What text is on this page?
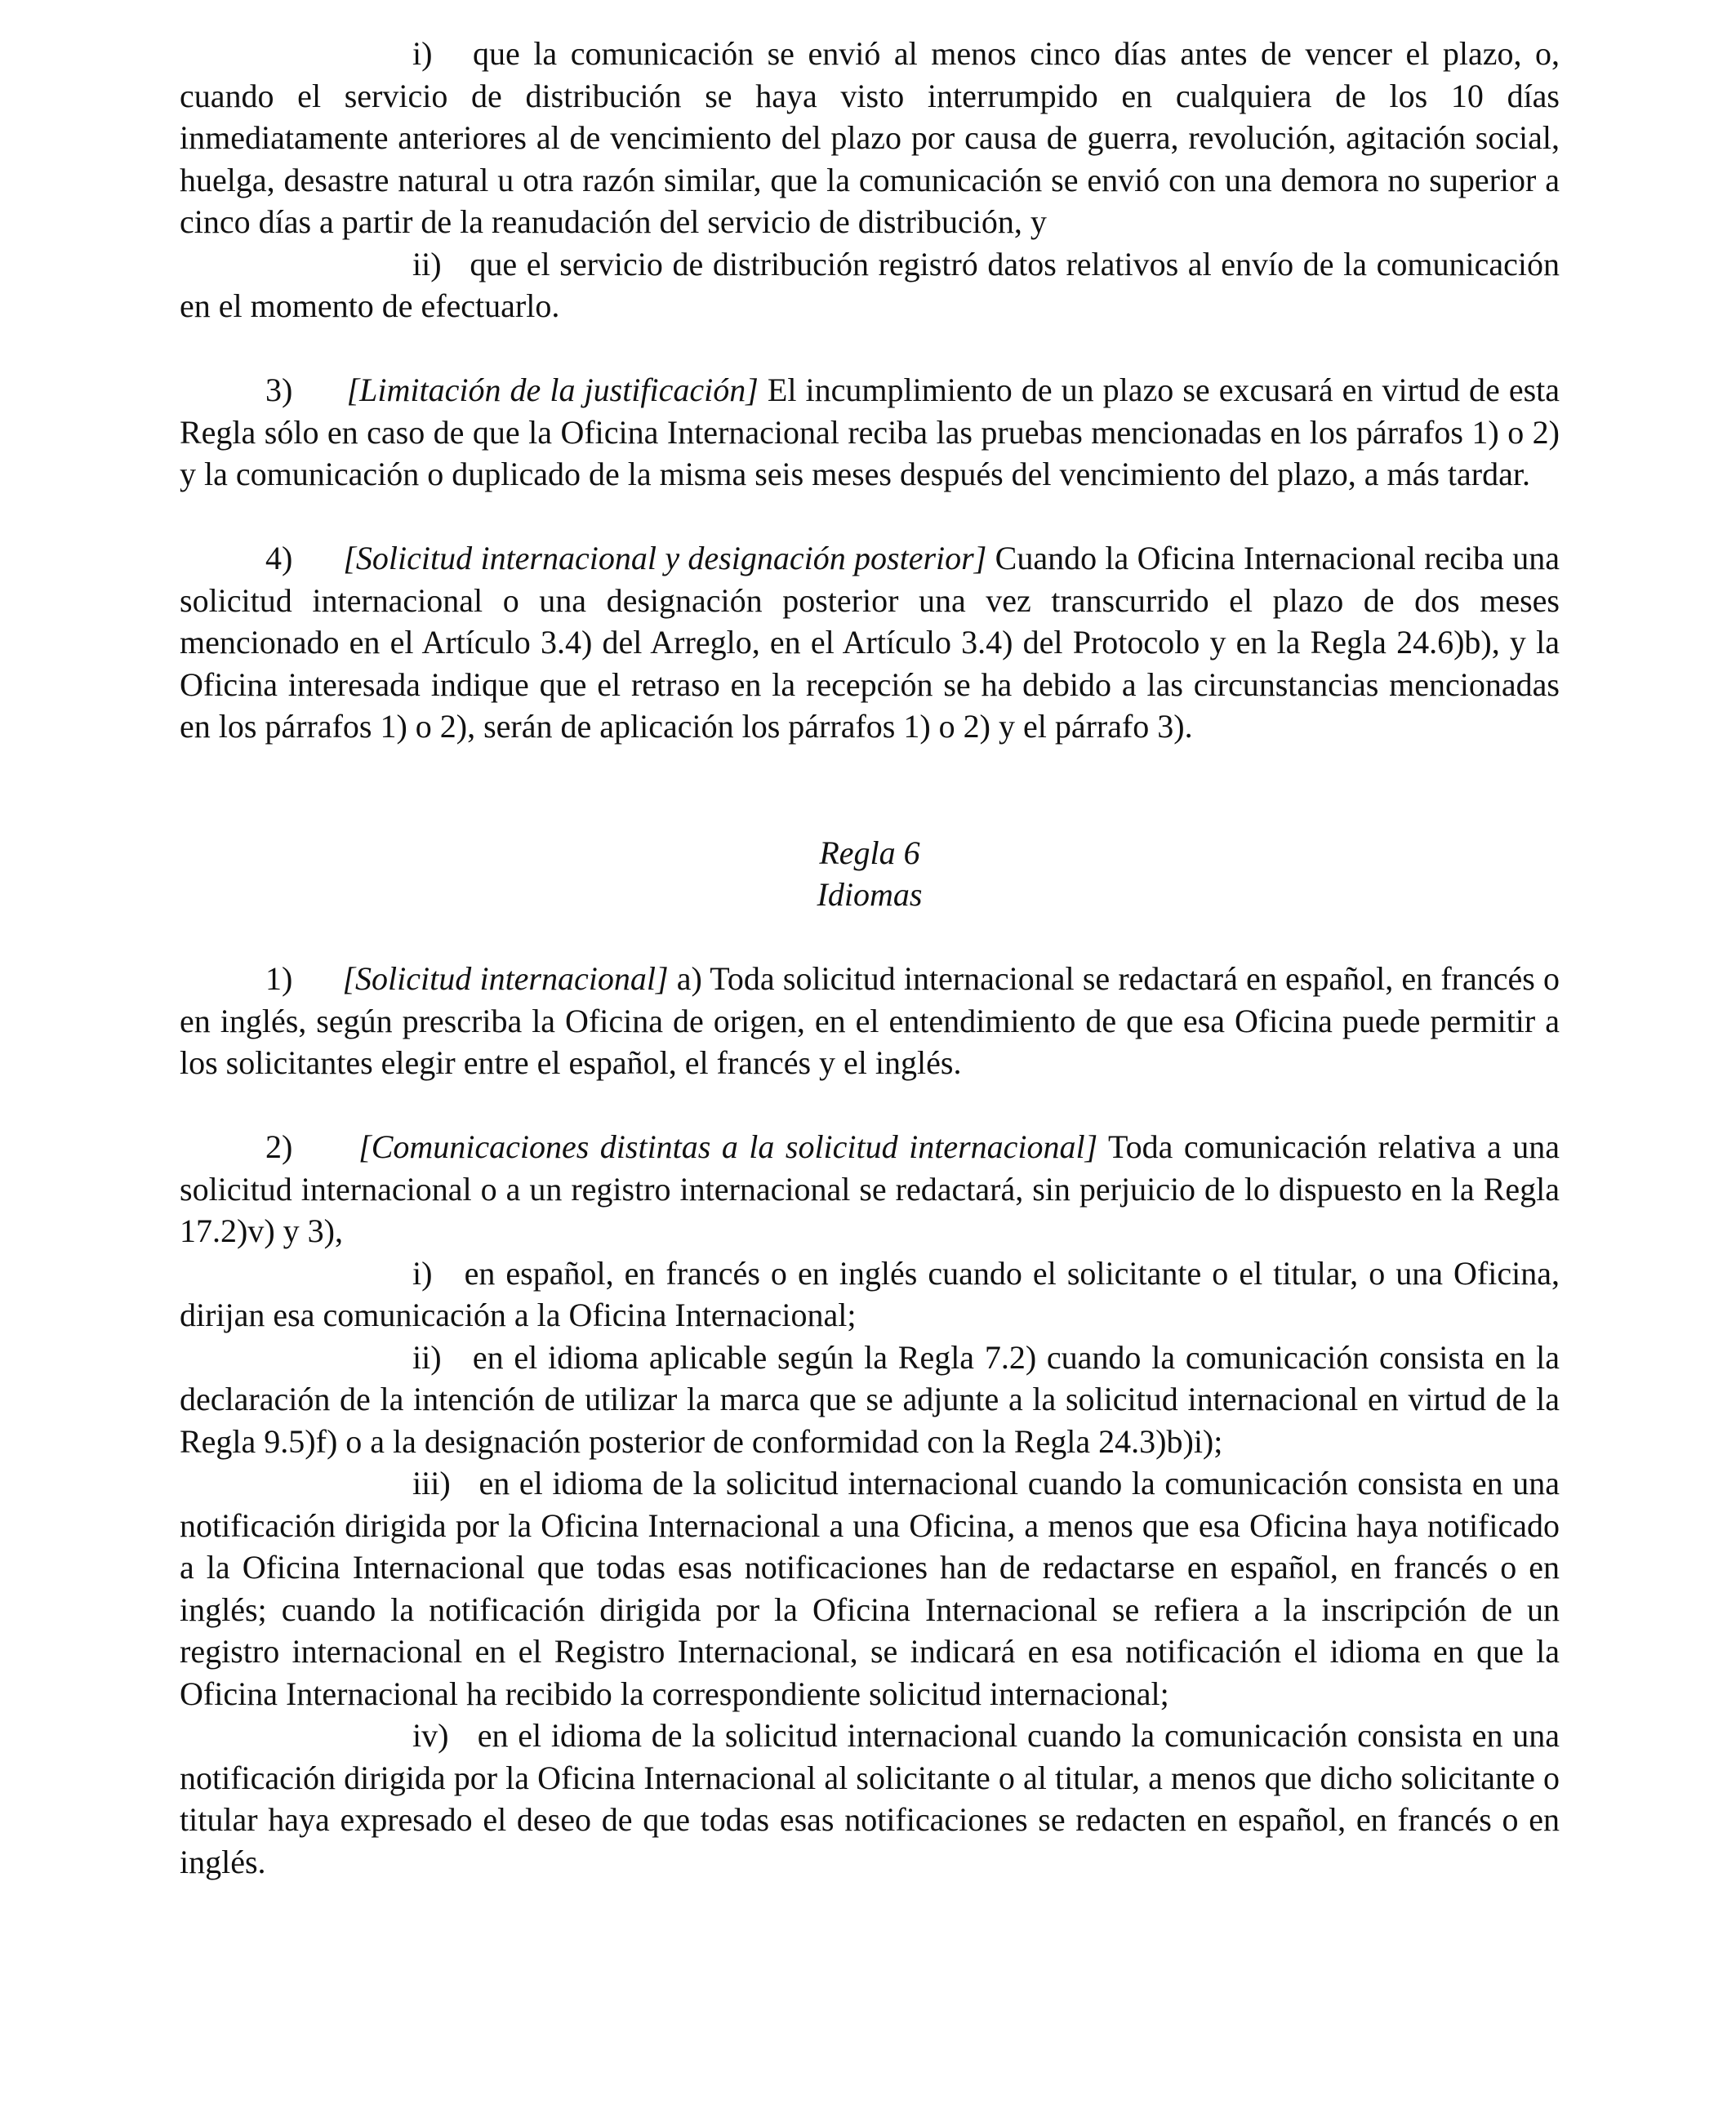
i) que la comunicación se envió al menos cinco días antes de vencer el plazo, o, cuando el servicio de distribución se haya visto interrumpido en cualquiera de los 10 días inmediatamente anteriores al de vencimiento del plazo por causa de guerra, revolución, agitación social, huelga, desastre natural u otra razón similar, que la comunicación se envió con una demora no superior a cinco días a partir de la reanudación del servicio de distribución, y

ii) que el servicio de distribución registró datos relativos al envío de la comunicación en el momento de efectuarlo.

3) [Limitación de la justificación] El incumplimiento de un plazo se excusará en virtud de esta Regla sólo en caso de que la Oficina Internacional reciba las pruebas mencionadas en los párrafos 1) o 2) y la comunicación o duplicado de la misma seis meses después del vencimiento del plazo, a más tardar.

4) [Solicitud internacional y designación posterior] Cuando la Oficina Internacional reciba una solicitud internacional o una designación posterior una vez transcurrido el plazo de dos meses mencionado en el Artículo 3.4) del Arreglo, en el Artículo 3.4) del Protocolo y en la Regla 24.6)b), y la Oficina interesada indique que el retraso en la recepción se ha debido a las circunstancias mencionadas en los párrafos 1) o 2), serán de aplicación los párrafos 1) o 2) y el párrafo 3).

Regla 6

Idiomas

1) [Solicitud internacional] a) Toda solicitud internacional se redactará en español, en francés o en inglés, según prescriba la Oficina de origen, en el entendimiento de que esa Oficina puede permitir a los solicitantes elegir entre el español, el francés y el inglés.

2) [Comunicaciones distintas a la solicitud internacional] Toda comunicación relativa a una solicitud internacional o a un registro internacional se redactará, sin perjuicio de lo dispuesto en la Regla 17.2)v) y 3),

i) en español, en francés o en inglés cuando el solicitante o el titular, o una Oficina, dirijan esa comunicación a la Oficina Internacional;

ii) en el idioma aplicable según la Regla 7.2) cuando la comunicación consista en la declaración de la intención de utilizar la marca que se adjunte a la solicitud internacional en virtud de la Regla 9.5)f) o a la designación posterior de conformidad con la Regla 24.3)b)i);

iii) en el idioma de la solicitud internacional cuando la comunicación consista en una notificación dirigida por la Oficina Internacional a una Oficina, a menos que esa Oficina haya notificado a la Oficina Internacional que todas esas notificaciones han de redactarse en español, en francés o en inglés; cuando la notificación dirigida por la Oficina Internacional se refiera a la inscripción de un registro internacional en el Registro Internacional, se indicará en esa notificación el idioma en que la Oficina Internacional ha recibido la correspondiente solicitud internacional;

iv) en el idioma de la solicitud internacional cuando la comunicación consista en una notificación dirigida por la Oficina Internacional al solicitante o al titular, a menos que dicho solicitante o titular haya expresado el deseo de que todas esas notificaciones se redacten en español, en francés o en inglés.
